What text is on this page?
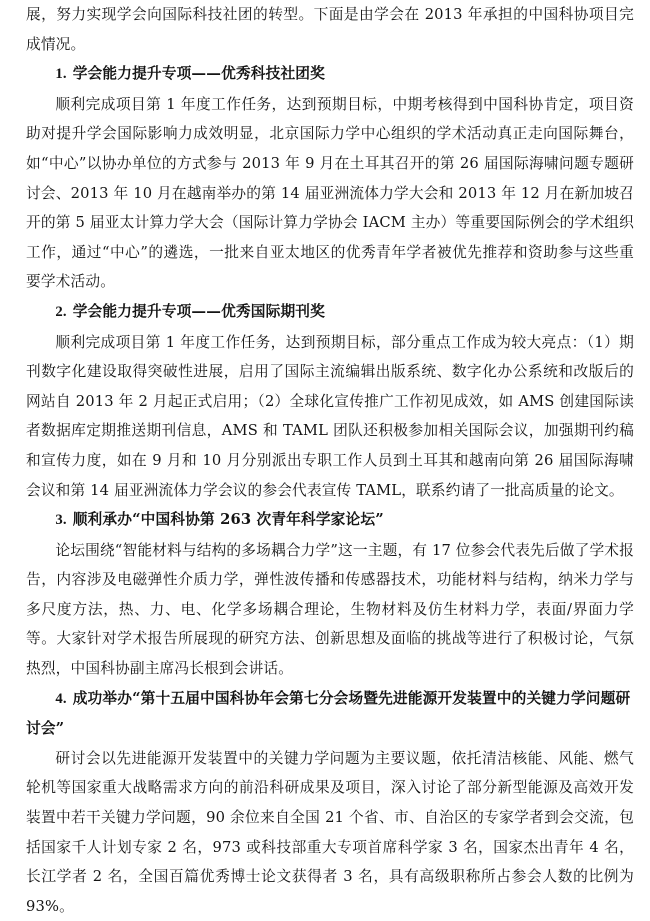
展，努力实现学会向国际科技社团的转型。下面是由学会在 2013 年承担的中国科协项目完成情况。

1. 学会能力提升专项——优秀科技社团奖

顺利完成项目第 1 年度工作任务，达到预期目标，中期考核得到中国科协肯定，项目资助对提升学会国际影响力成效明显，北京国际力学中心组织的学术活动真正走向国际舞台，如“中心”以协办单位的方式参与 2013 年 9 月在土耳其召开的第 26 届国际海啸问题专题研讨会、2013 年 10 月在越南举办的第 14 届亚洲流体力学大会和 2013 年 12 月在新加坡召开的第 5 届亚太计算力学大会（国际计算力学协会 IACM 主办）等重要国际例会的学术组织工作，通过“中心”的遴选，一批来自亚太地区的优秀青年学者被优先推荐和资助参与这些重要学术活动。

2. 学会能力提升专项——优秀国际期刊奖

顺利完成项目第 1 年度工作任务，达到预期目标，部分重点工作成为较大亮点：（1）期刊数字化建设取得突破性进展，启用了国际主流编辑出版系统、数字化办公系统和改版后的网站自 2013 年 2 月起正式启用；（2）全球化宣传推广工作初见成效，如 AMS 创建国际读者数据库定期推送期刊信息，AMS 和 TAML 团队还积极参加相关国际会议，加强期刊约稿和宣传力度，如在 9 月和 10 月分别派出专职工作人员到土耳其和越南向第 26 届国际海啸会议和第 14 届亚洲流体力学会议的参会代表宣传 TAML，联系约请了一批高质量的论文。

3. 顺利承办“中国科协第 263 次青年科学家论坛”

论坛围绕“智能材料与结构的多场耦合力学”这一主题，有 17 位参会代表先后做了学术报告，内容涉及电磁弹性介质力学，弹性波传播和传感器技术，功能材料与结构，纳米力学与多尺度方法，热、力、电、化学多场耦合理论，生物材料及仿生材料力学，表面/界面力学等。大家针对学术报告所展现的研究方法、创新思想及面临的挑战等进行了积极讨论，气氛热烈，中国科协副主席冯长根到会讲话。

4. 成功举办“第十五届中国科协年会第七分会场暨先进能源开发装置中的关键力学问题研讨会”

研讨会以先进能源开发装置中的关键力学问题为主要议题，依托清洁核能、风能、燃气轮机等国家重大战略需求方向的前沿科研成果及项目，深入讨论了部分新型能源及高效开发装置中若干关键力学问题，90 余位来自全国 21 个省、市、自治区的专家学者到会交流，包括国家千人计划专家 2 名，973 或科技部重大专项首席科学家 3 名，国家杰出青年 4 名，长江学者 2 名，全国百篇优秀博士论文获得者 3 名，具有高级职称所占参会人数的比例为 93%。
